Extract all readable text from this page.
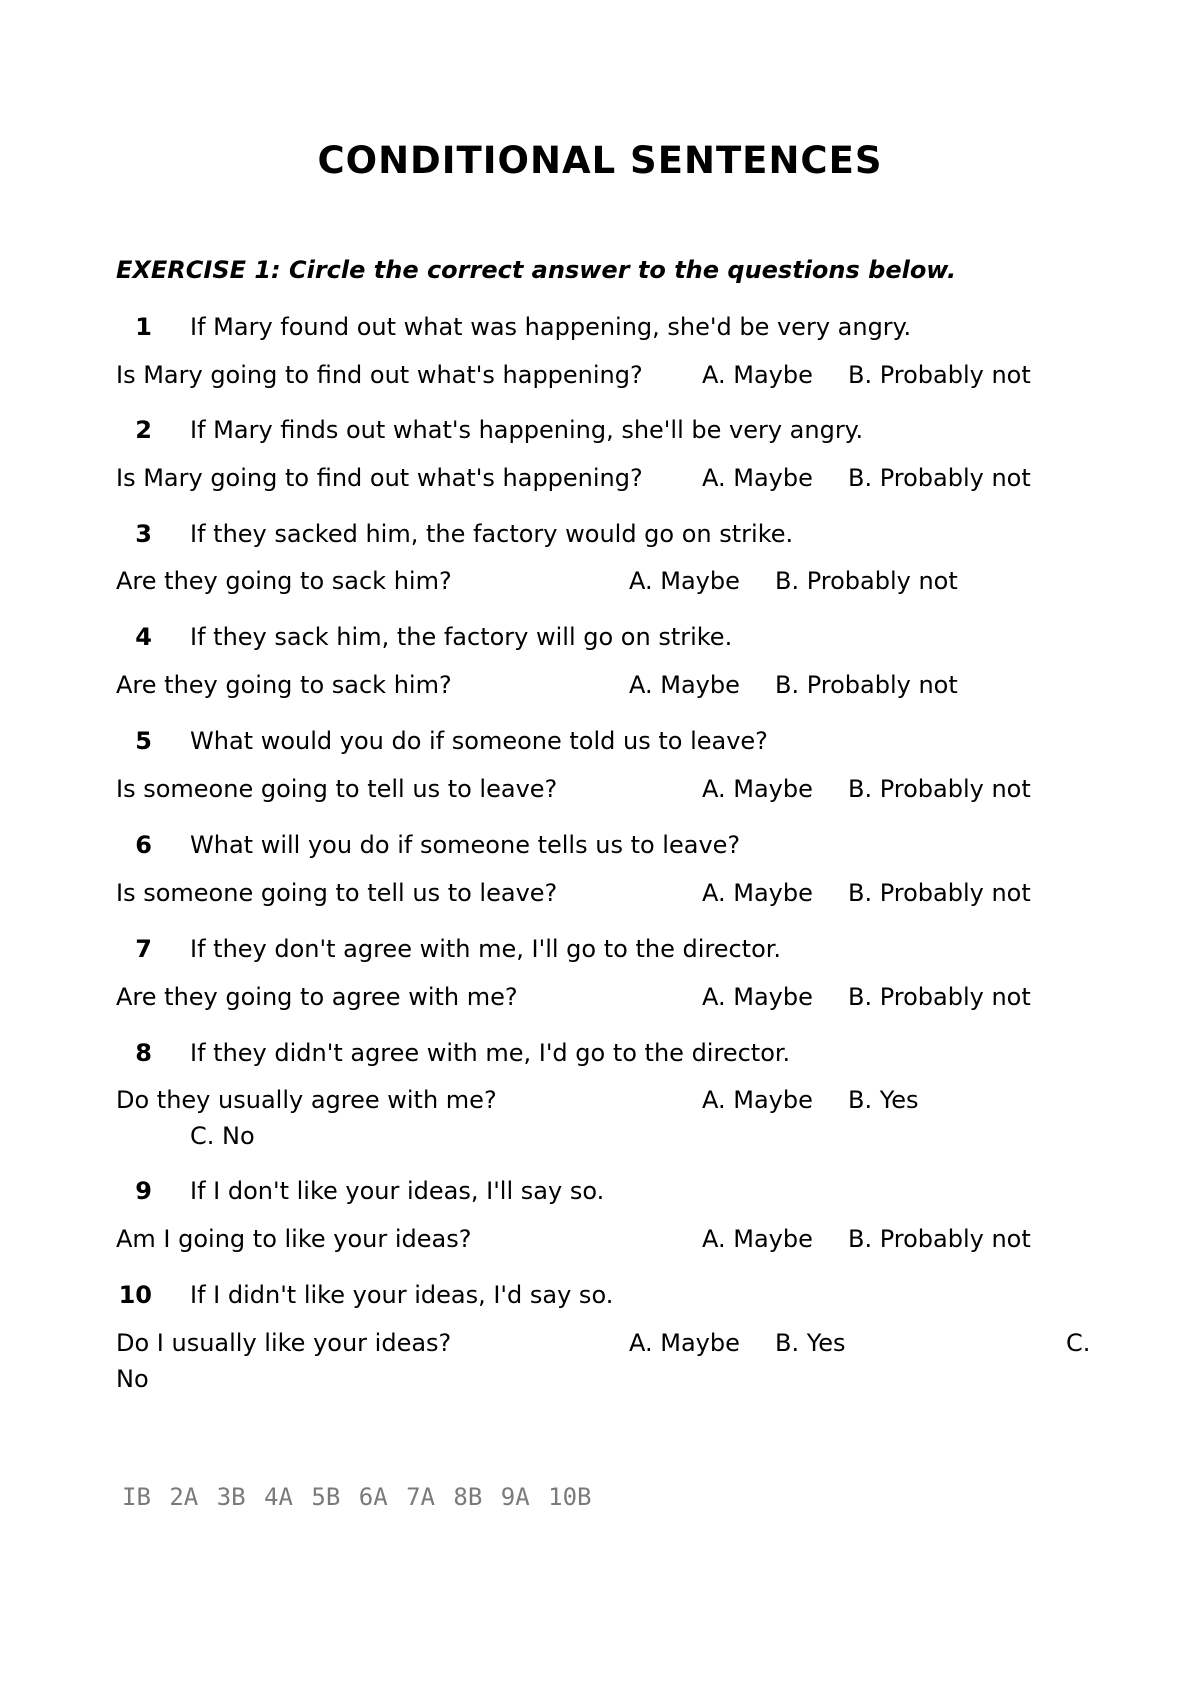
CONDITIONAL SENTENCES
EXERCISE 1: Circle the correct answer to the questions below.
1 If Mary found out what was happening, she'd be very angry.
Is Mary going to find out what's happening? A. Maybe B. Probably not
2 If Mary finds out what's happening, she'll be very angry.
Is Mary going to find out what's happening? A. Maybe B. Probably not
3 If they sacked him, the factory would go on strike.
Are they going to sack him?	A. Maybe B. Probably not
4 If they sack him, the factory will go on strike.
Are they going to sack him?	A. Maybe B. Probably not
5 What would you do if someone told us to leave?
Is someone going to tell us to leave?	A. Maybe B. Probably not
6 What will you do if someone tells us to leave?
Is someone going to tell us to leave?	A. Maybe B. Probably not
7 If they don't agree with me, I'll go to the director.
Are they going to agree with me?	A. Maybe B. Probably not
8 If they didn't agree with me, I'd go to the director.
Do they usually agree with me?	A. Maybe B. Yes
C. No
9 If I don't like your ideas, I'll say so.
Am I going to like your ideas?	A. Maybe B. Probably not
10 If I didn't like your ideas, I'd say so.
Do I usually like your ideas?	A. Maybe B. Yes	C.
No
IB 2A 3B 4A 5B 6A 7A 8B 9A 10B
